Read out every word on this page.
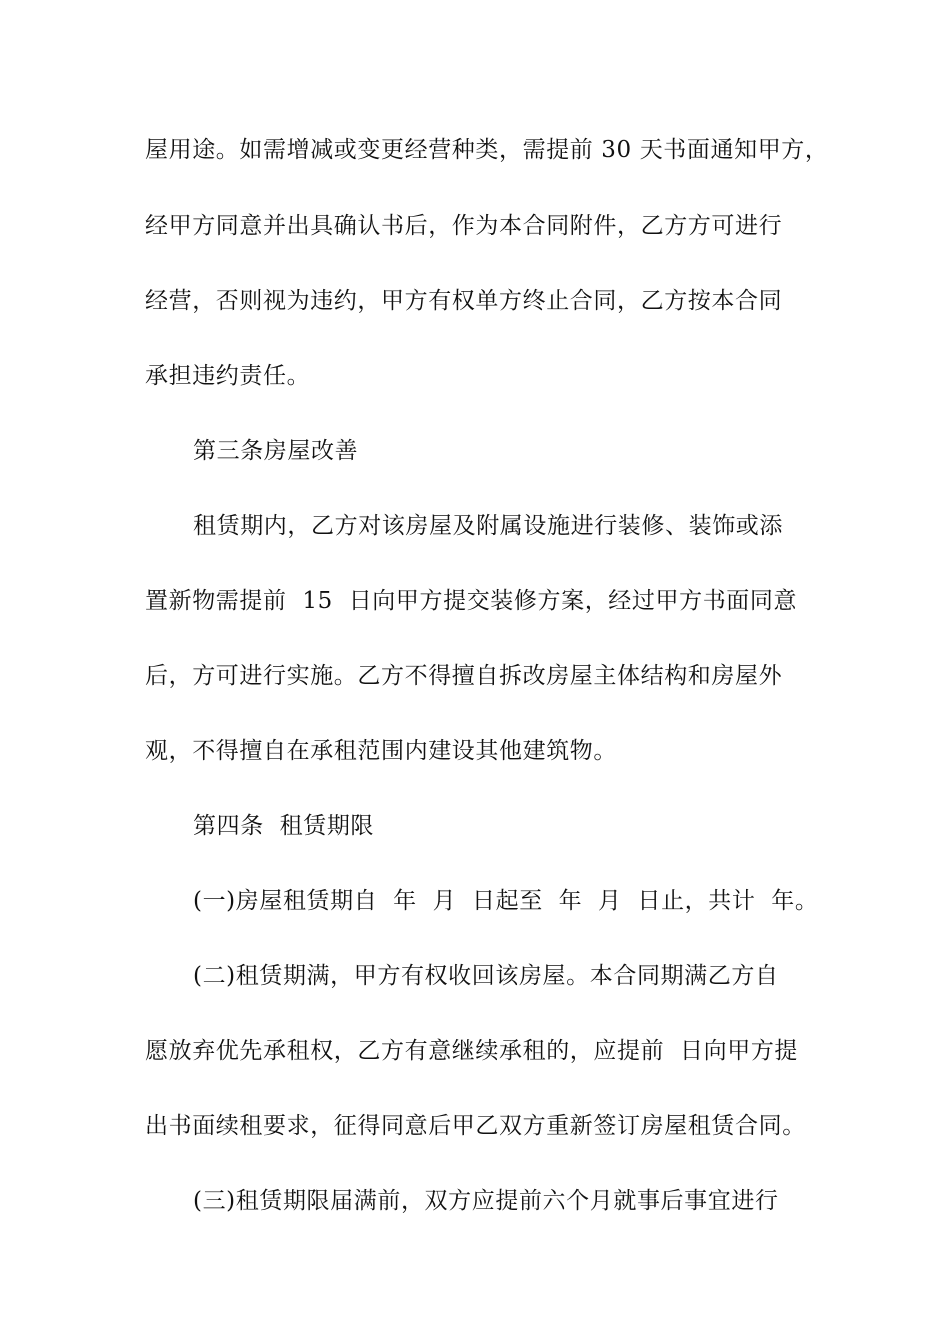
屋用途。如需增减或变更经营种类，需提前 30 天书面通知甲方，
经甲方同意并出具确认书后，作为本合同附件，乙方方可进行
经营，否则视为违约，甲方有权单方终止合同，乙方按本合同
承担违约责任。
第三条房屋改善
租赁期内，乙方对该房屋及附属设施进行装修、装饰或添
置新物需提前  15  日向甲方提交装修方案，经过甲方书面同意
后，方可进行实施。乙方不得擅自拆改房屋主体结构和房屋外
观，不得擅自在承租范围内建设其他建筑物。
第四条  租赁期限
(一)房屋租赁期自  年  月  日起至  年  月  日止，共计  年。
(二)租赁期满，甲方有权收回该房屋。本合同期满乙方自
愿放弃优先承租权，乙方有意继续承租的，应提前  日向甲方提
出书面续租要求，征得同意后甲乙双方重新签订房屋租赁合同。
(三)租赁期限届满前，双方应提前六个月就事后事宜进行
